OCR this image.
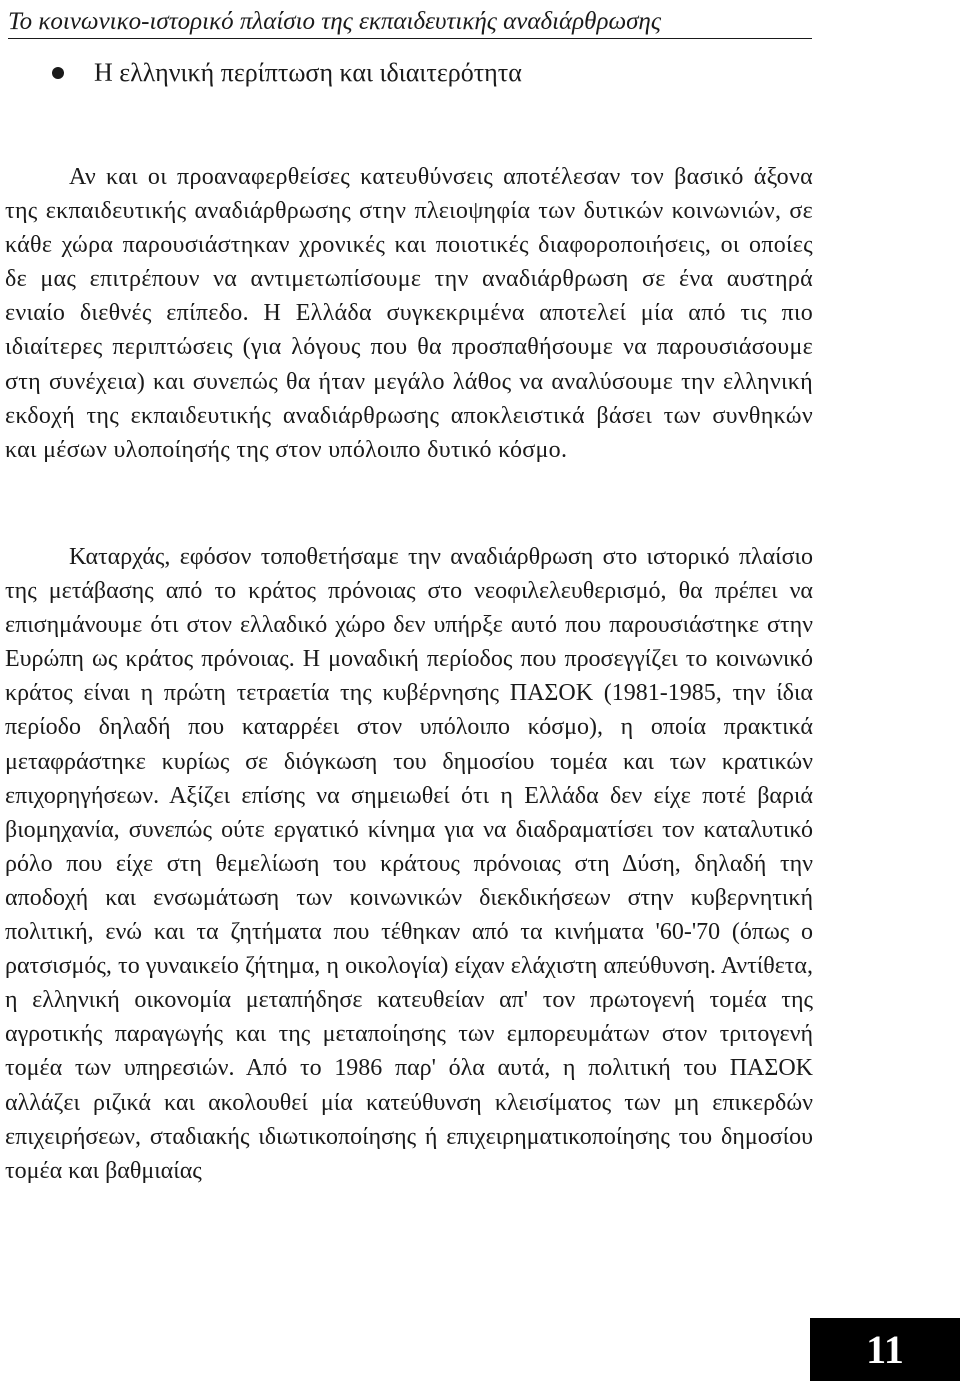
Το κοινωνικο-ιστορικό πλαίσιο της εκπαιδευτικής αναδιάρθρωσης
Η ελληνική περίπτωση και ιδιαιτερότητα

Αν και οι προαναφερθείσες κατευθύνσεις αποτέλεσαν τον βασικό άξονα της εκπαιδευτικής αναδιάρθρωσης στην πλειοψηφία των δυτικών κοινωνιών, σε κάθε χώρα παρουσιάστηκαν χρονικές και ποιοτικές διαφοροποιήσεις, οι οποίες δε μας επιτρέπουν να αντιμετωπίσουμε την αναδιάρθρωση σε ένα αυστηρά ενιαίο διεθνές επίπεδο. Η Ελλάδα συγκεκριμένα αποτελεί μία από τις πιο ιδιαίτερες περιπτώσεις (για λόγους που θα προσπαθήσουμε να παρουσιάσουμε στη συνέχεια) και συνεπώς θα ήταν μεγάλο λάθος να αναλύσουμε την ελληνική εκδοχή της εκπαιδευτικής αναδιάρθρωσης αποκλειστικά βάσει των συνθηκών και μέσων υλοποίησής της στον υπόλοιπο δυτικό κόσμο.

Καταρχάς, εφόσον τοποθετήσαμε την αναδιάρθρωση στο ιστορικό πλαίσιο της μετάβασης από το κράτος πρόνοιας στο νεοφιλελευθερισμό, θα πρέπει να επισημάνουμε ότι στον ελλαδικό χώρο δεν υπήρξε αυτό που παρουσιάστηκε στην Ευρώπη ως κράτος πρόνοιας. Η μοναδική περίοδος που προσεγγίζει το κοινωνικό κράτος είναι η πρώτη τετραετία της κυβέρνησης ΠΑΣΟΚ (1981-1985, την ίδια περίοδο δηλαδή που καταρρέει στον υπόλοιπο κόσμο), η οποία πρακτικά μεταφράστηκε κυρίως σε διόγκωση του δημοσίου τομέα και των κρατικών επιχορηγήσεων. Αξίζει επίσης να σημειωθεί ότι η Ελλάδα δεν είχε ποτέ βαριά βιομηχανία, συνεπώς ούτε εργατικό κίνημα για να διαδραματίσει τον καταλυτικό ρόλο που είχε στη θεμελίωση του κράτους πρόνοιας στη Δύση, δηλαδή την αποδοχή και ενσωμάτωση των κοινωνικών διεκδικήσεων στην κυβερνητική πολιτική, ενώ και τα ζητήματα που τέθηκαν από τα κινήματα '60-'70 (όπως ο ρατσισμός, το γυναικείο ζήτημα, η οικολογία) είχαν ελάχιστη απεύθυνση. Αντίθετα, η ελληνική οικονομία μεταπήδησε κατευθείαν απ' τον πρωτογενή τομέα της αγροτικής παραγωγής και της μεταποίησης των εμπορευμάτων στον τριτογενή τομέα των υπηρεσιών. Από το 1986 παρ' όλα αυτά, η πολιτική του ΠΑΣΟΚ αλλάζει ριζικά και ακολουθεί μία κατεύθυνση κλεισίματος των μη επικερδών επιχειρήσεων, σταδιακής ιδιωτικοποίησης ή επιχειρηματικοποίησης του δημοσίου τομέα και βαθμιαίας

11
